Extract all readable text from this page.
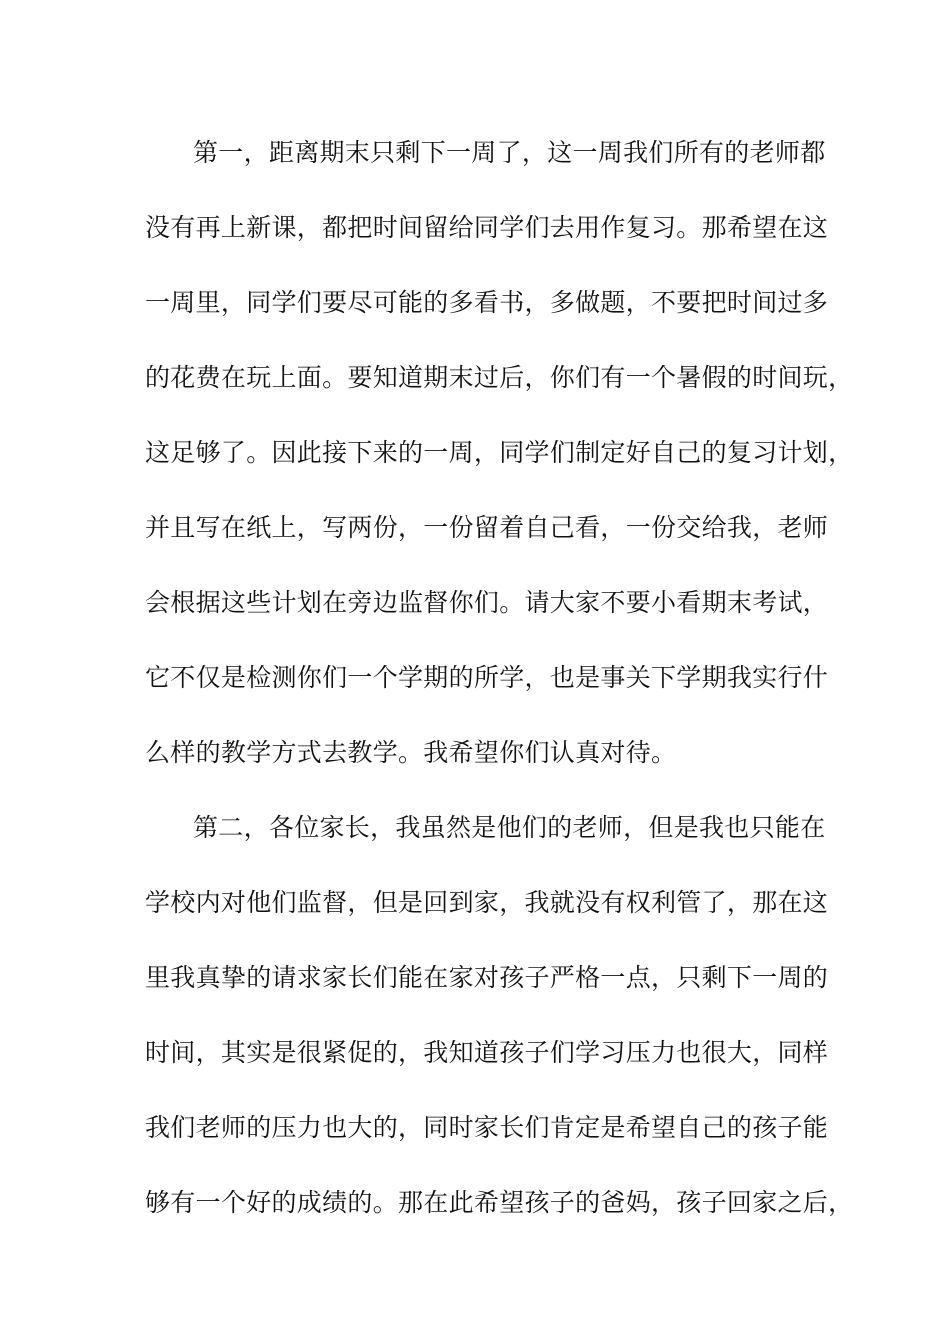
第一，距离期末只剩下一周了，这一周我们所有的老师都
没有再上新课，都把时间留给同学们去用作复习。那希望在这
一周里，同学们要尽可能的多看书，多做题，不要把时间过多
的花费在玩上面。要知道期末过后，你们有一个暑假的时间玩，
这足够了。因此接下来的一周，同学们制定好自己的复习计划，
并且写在纸上，写两份，一份留着自己看，一份交给我，老师
会根据这些计划在旁边监督你们。请大家不要小看期末考试，
它不仅是检测你们一个学期的所学，也是事关下学期我实行什
么样的教学方式去教学。我希望你们认真对待。
第二，各位家长，我虽然是他们的老师，但是我也只能在
学校内对他们监督，但是回到家，我就没有权利管了，那在这
里我真挚的请求家长们能在家对孩子严格一点，只剩下一周的
时间，其实是很紧促的，我知道孩子们学习压力也很大，同样
我们老师的压力也大的，同时家长们肯定是希望自己的孩子能
够有一个好的成绩的。那在此希望孩子的爸妈，孩子回家之后，
